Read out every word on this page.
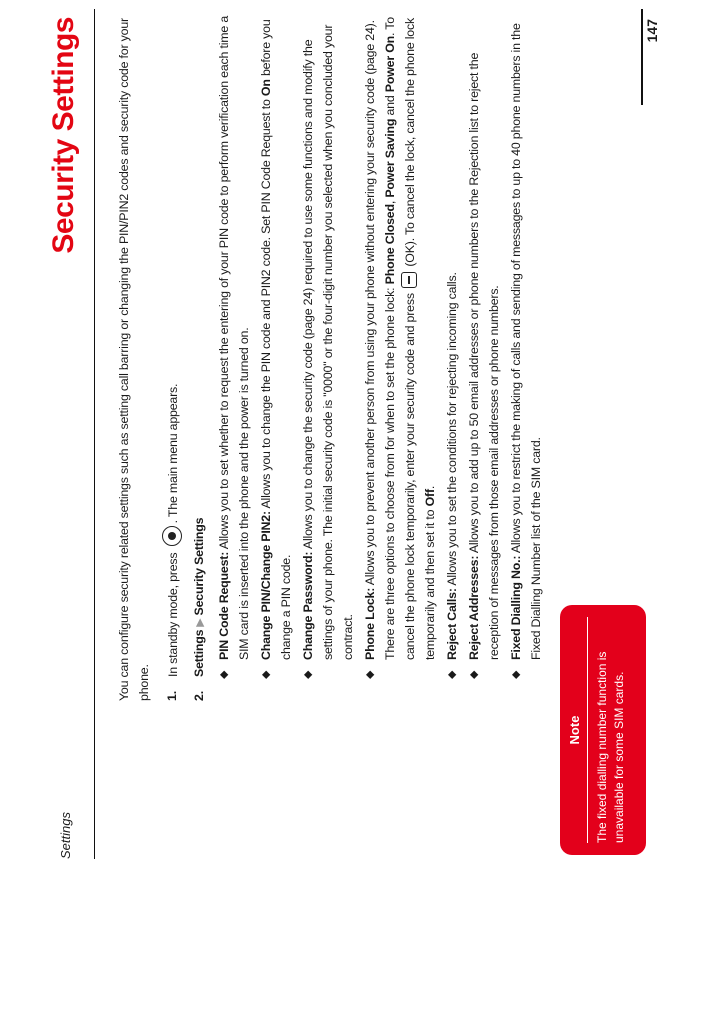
Security Settings	147
Settings

You can configure security related settings such as setting call barring or changing the PIN/PIN2 codes and security code for your phone. 1.
In standby mode, press . The main menu appears.

2.
Settings▶Security Settings

◆
PIN Code Request: Allows you to set whether to request the entering of your PIN code to perform verification each time a SIM card is inserted into the phone and the power is turned on.
◆
Change PIN/Change PIN2: Allows you to change the PIN code and PIN2 code. Set PIN Code Request to On before you change a PIN code.
◆
Change Password: Allows you to change the security code (page 24) required to use some functions and modify the settings of your phone. The initial security code is "0000" or the four-digit number you selected when you concluded your contract.
◆
Phone Lock: Allows you to prevent another person from using your phone without entering your security code (page 24). There are three options to choose from for when to set the phone lock: Phone Closed, Power Saving and Power On. To cancel the phone lock temporarily, enter your security code and press  (OK). To cancel the lock, cancel the phone lock temporarily and then set it to Off.
◆
Reject Calls: Allows you to set the conditions for rejecting incoming calls.
◆
Reject Addresses: Allows you to add up to 50 email addresses or phone numbers to the Rejection list to reject the reception of messages from those email addresses or phone numbers.
◆
Fixed Dialling No.: Allows you to restrict the making of calls and sending of messages to up to 40 phone numbers in the Fixed Dialling Number list of the SIM card.
Note The fixed dialling number function is unavailable for some SIM cards.
